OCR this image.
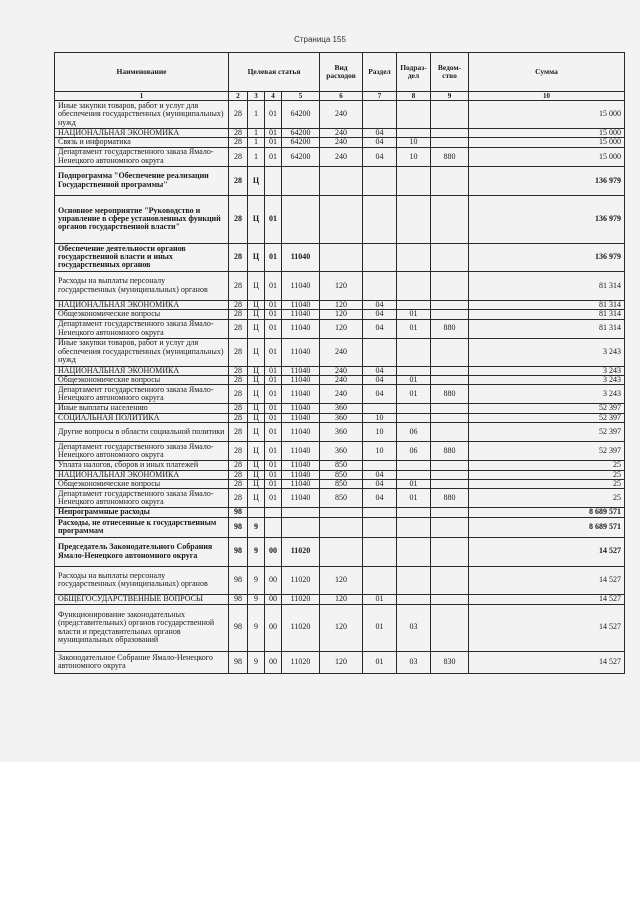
Страница 155
Наименование	Целевая статья				Вид расходов	Раздел	Подраз-дел	Ведом-ство	Сумма
1	2	3	4	5	6	7	8	9	10
Иные закупки товаров, работ и услуг для обеспечения государственных (муниципальных) нужд	28	1	01	64200	240				15 000
НАЦИОНАЛЬНАЯ ЭКОНОМИКА	28	1	01	64200	240	04			15 000
Связь и информатика	28	1	01	64200	240	04	10		15 000
Департамент государственного заказа Ямало-Ненецкого автономного округа	28	1	01	64200	240	04	10	880	15 000
Подпрограмма "Обеспечение реализации Государственной программы"	28	Ц							136 979
Основное мероприятие "Руководство и управление в сфере установленных функций органов государственной власти"	28	Ц	01						136 979
Обеспечение деятельности органов государственной власти и иных государственных органов	28	Ц	01	11040					136 979
Расходы на выплаты персоналу государственных (муниципальных) органов	28	Ц	01	11040	120				81 314
НАЦИОНАЛЬНАЯ ЭКОНОМИКА	28	Ц	01	11040	120	04			81 314
Общеэкономические вопросы	28	Ц	01	11040	120	04	01		81 314
Департамент государственного заказа Ямало-Ненецкого автономного округа	28	Ц	01	11040	120	04	01	880	81 314
Иные закупки товаров, работ и услуг для обеспечения государственных (муниципальных) нужд	28	Ц	01	11040	240				3 243
НАЦИОНАЛЬНАЯ ЭКОНОМИКА	28	Ц	01	11040	240	04			3 243
Общеэкономические вопросы	28	Ц	01	11040	240	04	01		3 243
Департамент государственного заказа Ямало-Ненецкого автономного округа	28	Ц	01	11040	240	04	01	880	3 243
Иные выплаты населению	28	Ц	01	11040	360				52 397
СОЦИАЛЬНАЯ ПОЛИТИКА	28	Ц	01	11040	360	10			52 397
Другие вопросы в области социальной политики	28	Ц	01	11040	360	10	06		52 397
Департамент государственного заказа Ямало-Ненецкого автономного округа	28	Ц	01	11040	360	10	06	880	52 397
Уплата налогов, сборов и иных платежей	28	Ц	01	11040	850				25
НАЦИОНАЛЬНАЯ ЭКОНОМИКА	28	Ц	01	11040	850	04			25
Общеэкономические вопросы	28	Ц	01	11040	850	04	01		25
Департамент государственного заказа Ямало-Ненецкого автономного округа	28	Ц	01	11040	850	04	01	880	25
Непрограммные расходы	98								8 689 571
Расходы, не отнесенные к государственным программам	98	9							8 689 571
Председатель Законодательного Собрания Ямало-Ненецкого автономного округа	98	9	00	11020					14 527
Расходы на выплаты персоналу государственных (муниципальных) органов	98	9	00	11020	120				14 527
ОБЩЕГОСУДАРСТВЕННЫЕ ВОПРОСЫ	98	9	00	11020	120	01			14 527
Функционирование законодательных (представительных) органов государственной власти и представительных органов муниципальных образований	98	9	00	11020	120	01	03		14 527
Законодательное Собрание Ямало-Ненецкого автономного округа	98	9	00	11020	120	01	03	830	14 527
